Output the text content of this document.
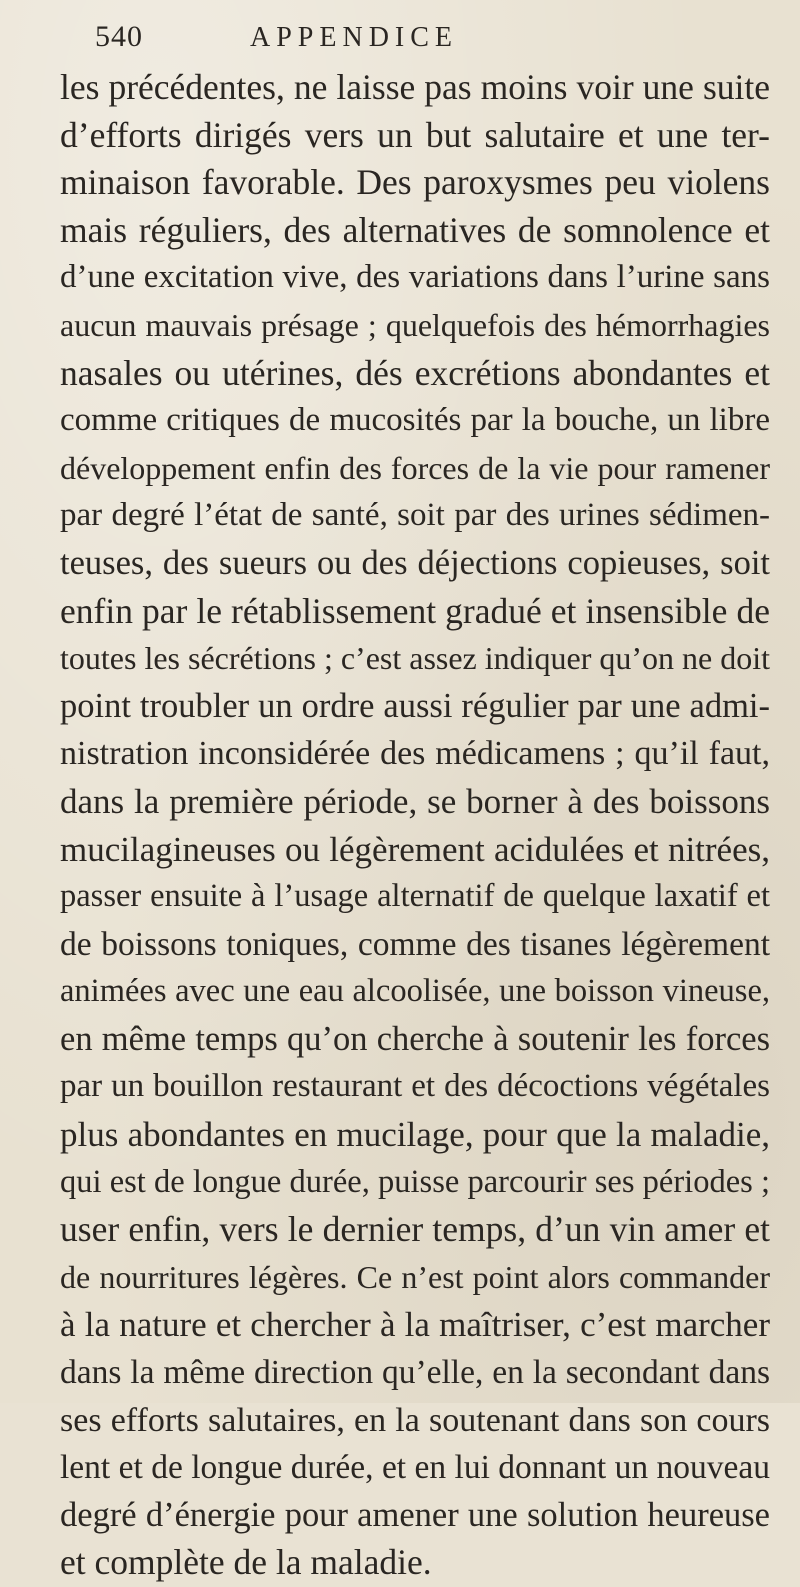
540	APPENDICE
les précédentes, ne laisse pas moins voir une suite
d’efforts dirigés vers un but salutaire et une ter-
minaison favorable. Des paroxysmes peu violens
mais réguliers, des alternatives de somnolence et
d’une excitation vive, des variations dans l’urine sans
aucun mauvais présage ; quelquefois des hémorrhagies
nasales ou utérines, dés excrétions abondantes et
comme critiques de mucosités par la bouche, un libre
développement enfin des forces de la vie pour ramener
par degré l’état de santé, soit par des urines sédimen-
teuses, des sueurs ou des déjections copieuses, soit
enfin par le rétablissement gradué et insensible de
toutes les sécrétions ; c’est assez indiquer qu’on ne doit
point troubler un ordre aussi régulier par une admi-
nistration inconsidérée des médicamens ; qu’il faut,
dans la première période, se borner à des boissons
mucilagineuses ou légèrement acidulées et nitrées,
passer ensuite à l’usage alternatif de quelque laxatif et
de boissons toniques, comme des tisanes légèrement
animées avec une eau alcoolisée, une boisson vineuse,
en même temps qu’on cherche à soutenir les forces
par un bouillon restaurant et des décoctions végétales
plus abondantes en mucilage, pour que la maladie,
qui est de longue durée, puisse parcourir ses périodes ;
user enfin, vers le dernier temps, d’un vin amer et
de nourritures légères. Ce n’est point alors commander
à la nature et chercher à la maîtriser, c’est marcher
dans la même direction qu’elle, en la secondant dans
ses efforts salutaires, en la soutenant dans son cours
lent et de longue durée, et en lui donnant un nouveau
degré d’énergie pour amener une solution heureuse
et complète de la maladie.
